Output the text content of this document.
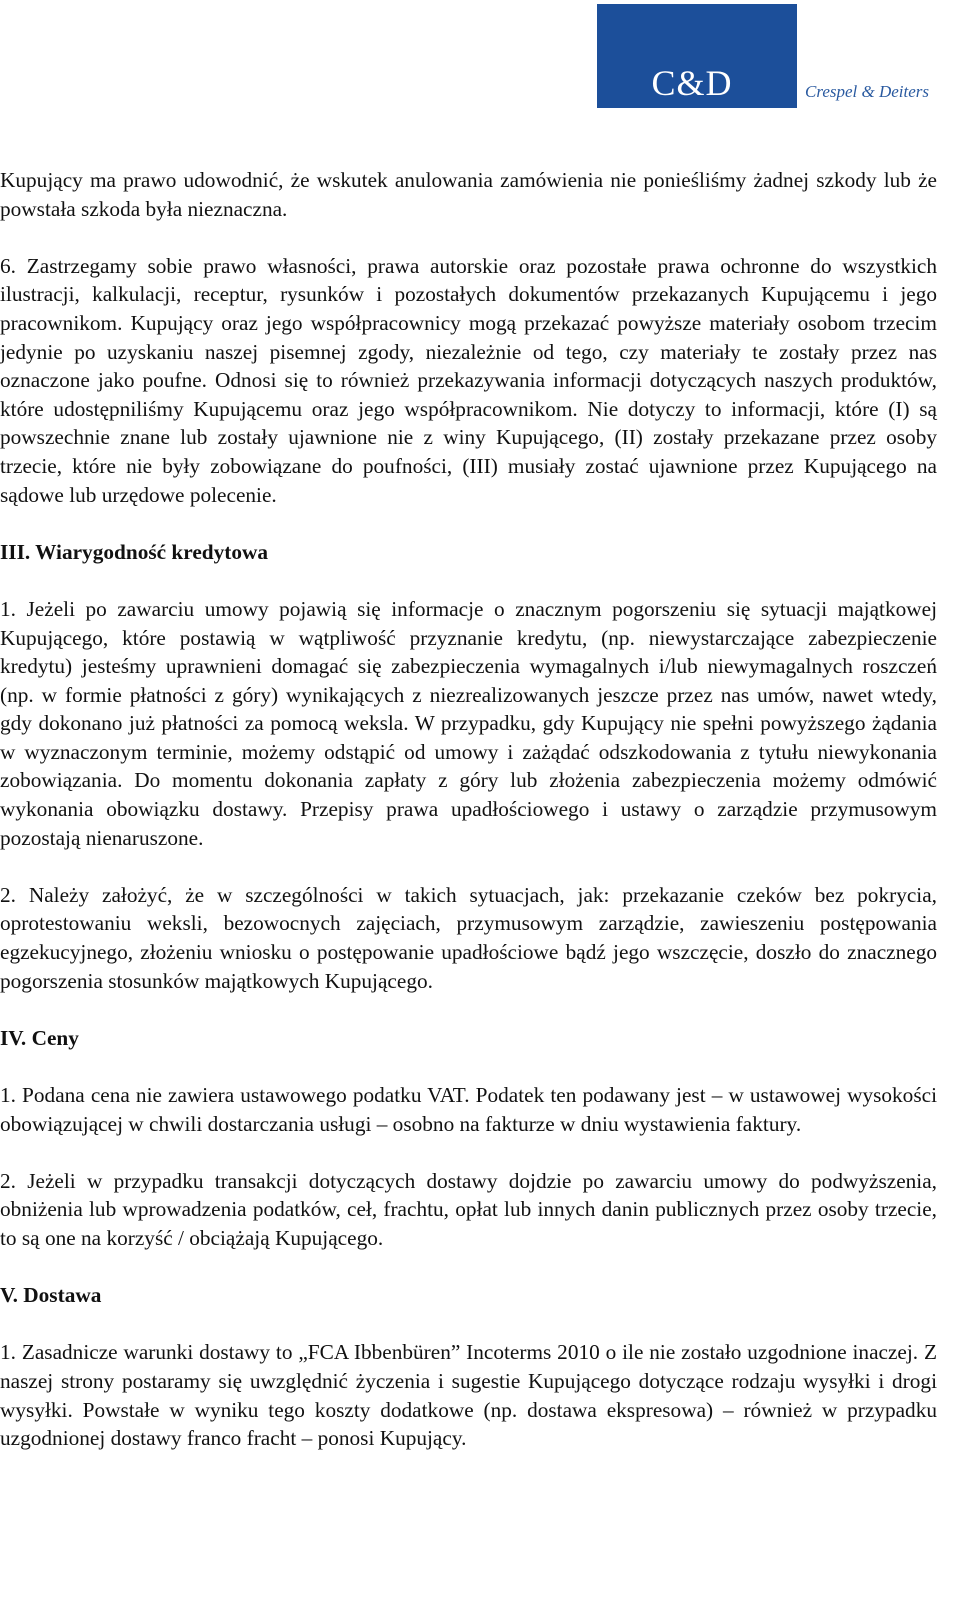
C&D	Crespel & Deiters

Kupujący ma prawo udowodnić, że wskutek anulowania zamówienia nie ponieśliśmy żadnej szkody lub że powstała szkoda była nieznaczna.

6. Zastrzegamy sobie prawo własności, prawa autorskie oraz pozostałe prawa ochronne do wszystkich ilustracji, kalkulacji, receptur, rysunków i pozostałych dokumentów przekazanych Kupującemu i jego pracownikom. Kupujący oraz jego współpracownicy mogą przekazać powyższe materiały osobom trzecim jedynie po uzyskaniu naszej pisemnej zgody, niezależnie od tego, czy materiały te zostały przez nas oznaczone jako poufne. Odnosi się to również przekazywania informacji dotyczących naszych produktów, które udostępniliśmy Kupującemu oraz jego współpracownikom. Nie dotyczy to informacji, które (I) są powszechnie znane lub zostały ujawnione nie z winy Kupującego, (II) zostały przekazane przez osoby trzecie, które nie były zobowiązane do poufności, (III) musiały zostać ujawnione przez Kupującego na sądowe lub urzędowe polecenie.

III. Wiarygodność kredytowa

1. Jeżeli po zawarciu umowy pojawią się informacje o znacznym pogorszeniu się sytuacji majątkowej Kupującego, które postawią w wątpliwość przyznanie kredytu, (np. niewystarczające zabezpieczenie kredytu) jesteśmy uprawnieni domagać się zabezpieczenia wymagalnych i/lub niewymagalnych roszczeń (np. w formie płatności z góry) wynikających z niezrealizowanych jeszcze przez nas umów, nawet wtedy, gdy dokonano już płatności za pomocą weksla. W przypadku, gdy Kupujący nie spełni powyższego żądania w wyznaczonym terminie, możemy odstąpić od umowy i zażądać odszkodowania z tytułu niewykonania zobowiązania. Do momentu dokonania zapłaty z góry lub złożenia zabezpieczenia możemy odmówić wykonania obowiązku dostawy. Przepisy prawa upadłościowego i ustawy o zarządzie przymusowym pozostają nienaruszone.

2. Należy założyć, że w szczególności w takich sytuacjach, jak: przekazanie czeków bez pokrycia, oprotestowaniu weksli, bezowocnych zajęciach, przymusowym zarządzie, zawieszeniu postępowania egzekucyjnego, złożeniu wniosku o postępowanie upadłościowe bądź jego wszczęcie, doszło do znacznego pogorszenia stosunków majątkowych Kupującego.

IV. Ceny

1. Podana cena nie zawiera ustawowego podatku VAT. Podatek ten podawany jest – w ustawowej wysokości obowiązującej w chwili dostarczania usługi – osobno na fakturze w dniu wystawienia faktury.

2. Jeżeli w przypadku transakcji dotyczących dostawy dojdzie po zawarciu umowy do podwyższenia, obniżenia lub wprowadzenia podatków, ceł, frachtu, opłat lub innych danin publicznych przez osoby trzecie, to są one na korzyść / obciążają Kupującego.

V. Dostawa

1. Zasadnicze warunki dostawy to „FCA Ibbenbüren” Incoterms 2010 o ile nie zostało uzgodnione inaczej. Z naszej strony postaramy się uwzględnić życzenia i sugestie Kupującego dotyczące rodzaju wysyłki i drogi wysyłki. Powstałe w wyniku tego koszty dodatkowe (np. dostawa ekspresowa) – również w przypadku uzgodnionej dostawy franco fracht – ponosi Kupujący.
